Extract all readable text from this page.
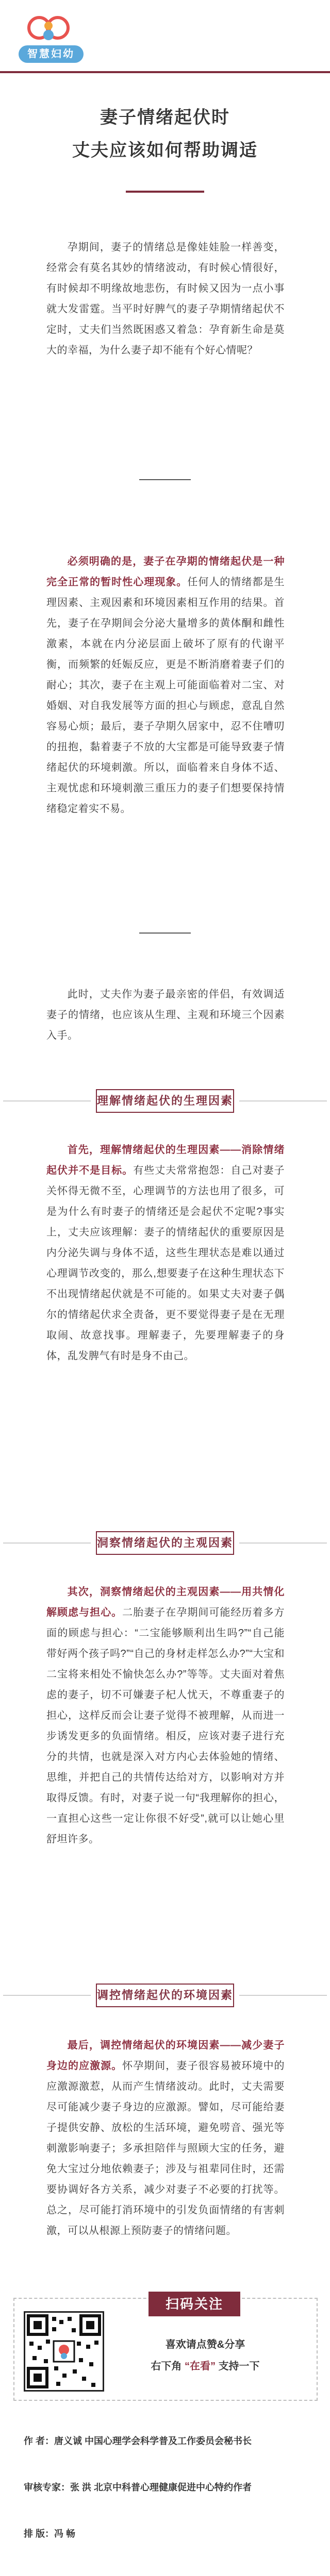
智慧妇幼
妻子情绪起伏时
丈夫应该如何帮助调适
孕期间，妻子的情绪总是像娃娃脸一样善变，经常会有莫名其妙的情绪波动，有时候心情很好，有时候却不明缘故地悲伤，有时候又因为一点小事就大发雷霆。当平时好脾气的妻子孕期情绪起伏不定时，丈夫们当然既困惑又着急：孕育新生命是莫大的幸福，为什么妻子却不能有个好心情呢？
必须明确的是，妻子在孕期的情绪起伏是一种完全正常的暂时性心理现象。任何人的情绪都是生理因素、主观因素和环境因素相互作用的结果。首先，妻子在孕期间会分泌大量增多的黄体酮和雌性激素，本就在内分泌层面上破坏了原有的代谢平衡，而频繁的妊娠反应，更是不断消磨着妻子们的耐心；其次，妻子在主观上可能面临着对二宝、对婚姻、对自我发展等方面的担心与顾虑，意乱自然容易心烦；最后，妻子孕期久居家中，忍不住嘈叨的扭抱，黏着妻子不放的大宝都是可能导致妻子情绪起伏的环境刺激。所以，面临着来自身体不适、主观忧虑和环境刺激三重压力的妻子们想要保持情绪稳定着实不易。
此时，丈夫作为妻子最亲密的伴侣，有效调适妻子的情绪，也应该从生理、主观和环境三个因素入手。
理解情绪起伏的生理因素
首先，理解情绪起伏的生理因素——消除情绪起伏并不是目标。有些丈夫常常抱怨：自己对妻子关怀得无微不至，心理调节的方法也用了很多，可是为什么有时妻子的情绪还是会起伏不定呢?事实上，丈夫应该理解：妻子的情绪起伏的重要原因是内分泌失调与身体不适，这些生理状态是难以通过心理调节改变的，那么,想要妻子在这种生理状态下不出现情绪起伏就是不可能的。如果丈夫对妻子偶尔的情绪起伏求全责备，更不要觉得妻子是在无理取闹、故意找事。理解妻子，先要理解妻子的身体，乱发脾气有时是身不由己。
洞察情绪起伏的主观因素
其次，洞察情绪起伏的主观因素——用共情化解顾虑与担心。二胎妻子在孕期间可能经历着多方面的顾虑与担心：“二宝能够顺利出生吗?”“自己能带好两个孩子吗?”“自己的身材走样怎么办?”“大宝和二宝将来相处不愉快怎么办?”等等。丈夫面对着焦虑的妻子，切不可嫌妻子杞人忧天，不尊重妻子的担心，这样反而会让妻子觉得不被理解，从而进一步诱发更多的负面情绪。相反，应该对妻子进行充分的共情，也就是深入对方内心去体验她的情绪、思维，并把自己的共情传达给对方，以影响对方并取得反馈。有时，对妻子说一句“我理解你的担心，一直担心这些一定让你很不好受”,就可以让她心里舒坦许多。
调控情绪起伏的环境因素
最后，调控情绪起伏的环境因素——减少妻子身边的应激源。怀孕期间，妻子很容易被环境中的应激源激惹，从而产生情绪波动。此时，丈夫需要尽可能减少妻子身边的应激源。譬如，尽可能给妻子提供安静、放松的生活环境，避免唠音、强光等刺激影响妻子；多承担陪伴与照顾大宝的任务，避免大宝过分地依赖妻子；涉及与祖辈同住时，还需要协调好各方关系，减少对妻子不必要的打扰等。总之，尽可能打消环境中的引发负面情绪的有害刺激，可以从根源上预防妻子的情绪问题。
扫码关注
喜欢请点赞&分享
右下角 “在看” 支持一下
作 者：唐义诚 中国心理学会科学普及工作委员会秘书长
审核专家：张 洪 北京中科普心理健康促进中心特约作者
排 版：冯 畅
